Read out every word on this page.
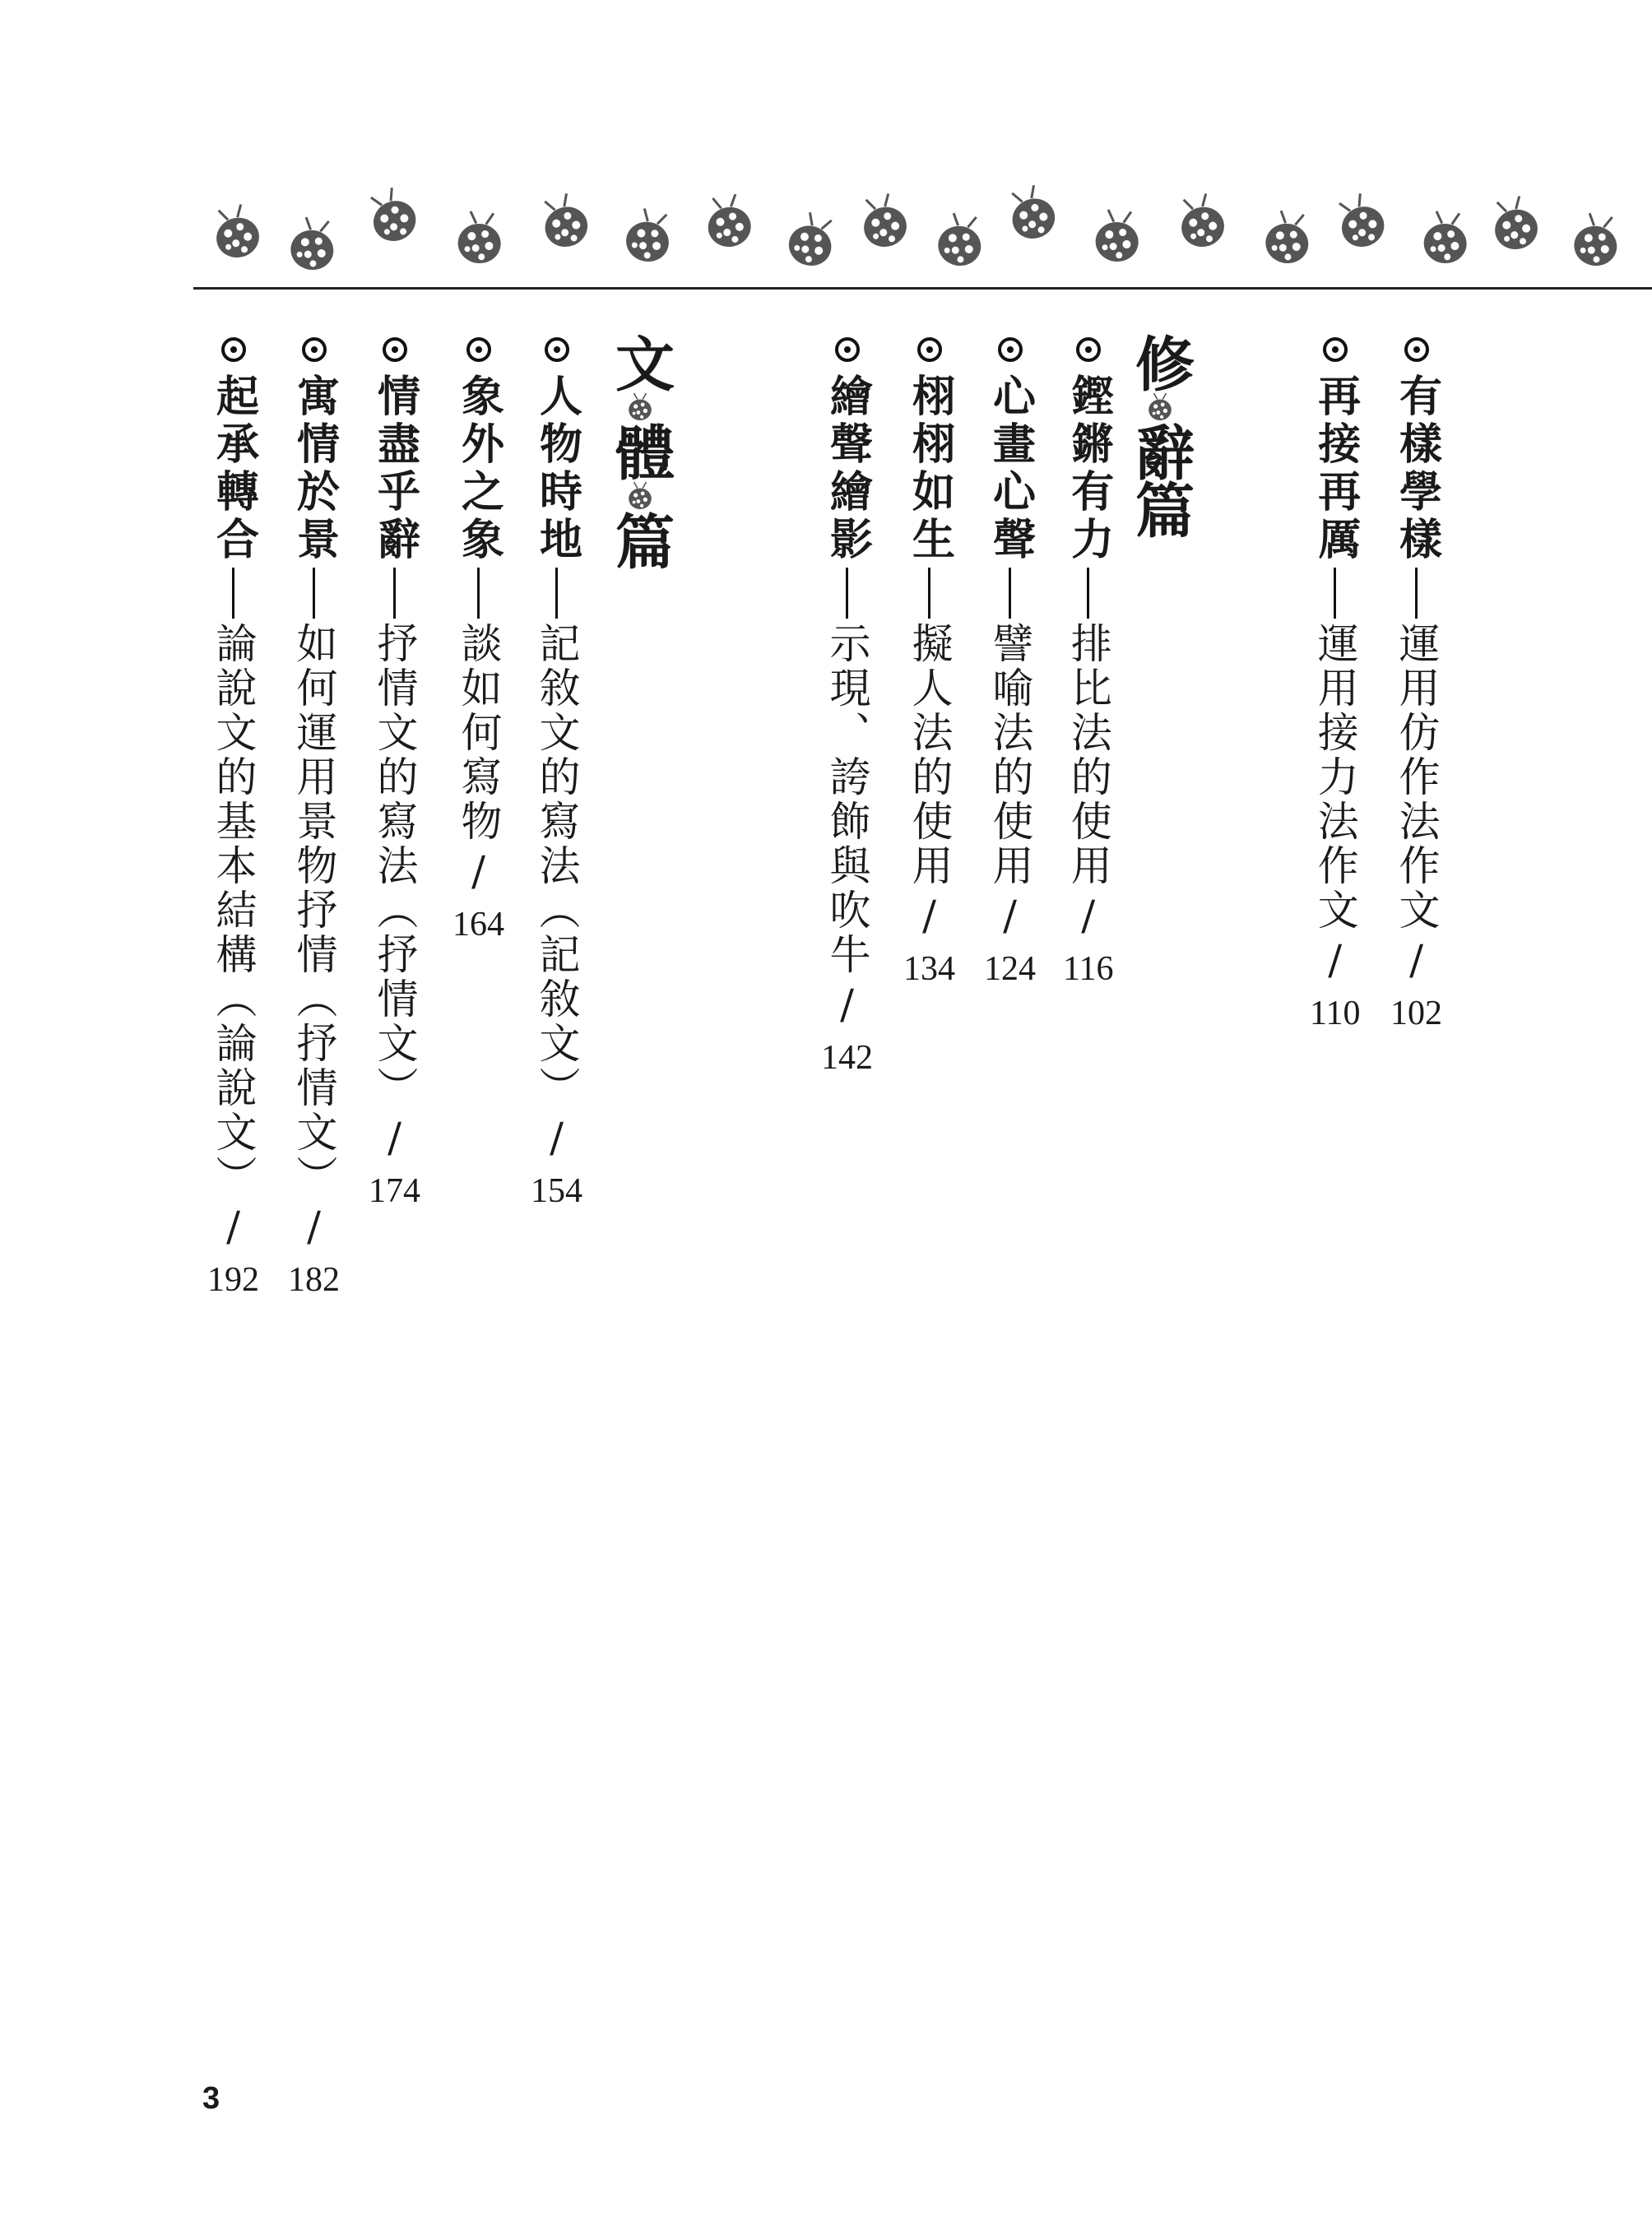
修
辭
篇
文
體
篇	有樣學樣
運用仿作法作文
/
102
再接再厲
運用接力法作文
/
110
鏗鏘有力
排比法的使用
/
116
心畫心聲
譬喻法的使用
/
124
栩栩如生
擬人法的使用
/
134
繪聲繪影
示現、誇飾與吹牛
/
142
人物時地
記敘文的寫法（記敘文）
/
154
象外之象
談如何寫物
/
164
情盡乎辭
抒情文的寫法（抒情文）
/
174
寓情於景
如何運用景物抒情（抒情文）
/
182
起承轉合
論說文的基本結構（論說文）
/
192
3
